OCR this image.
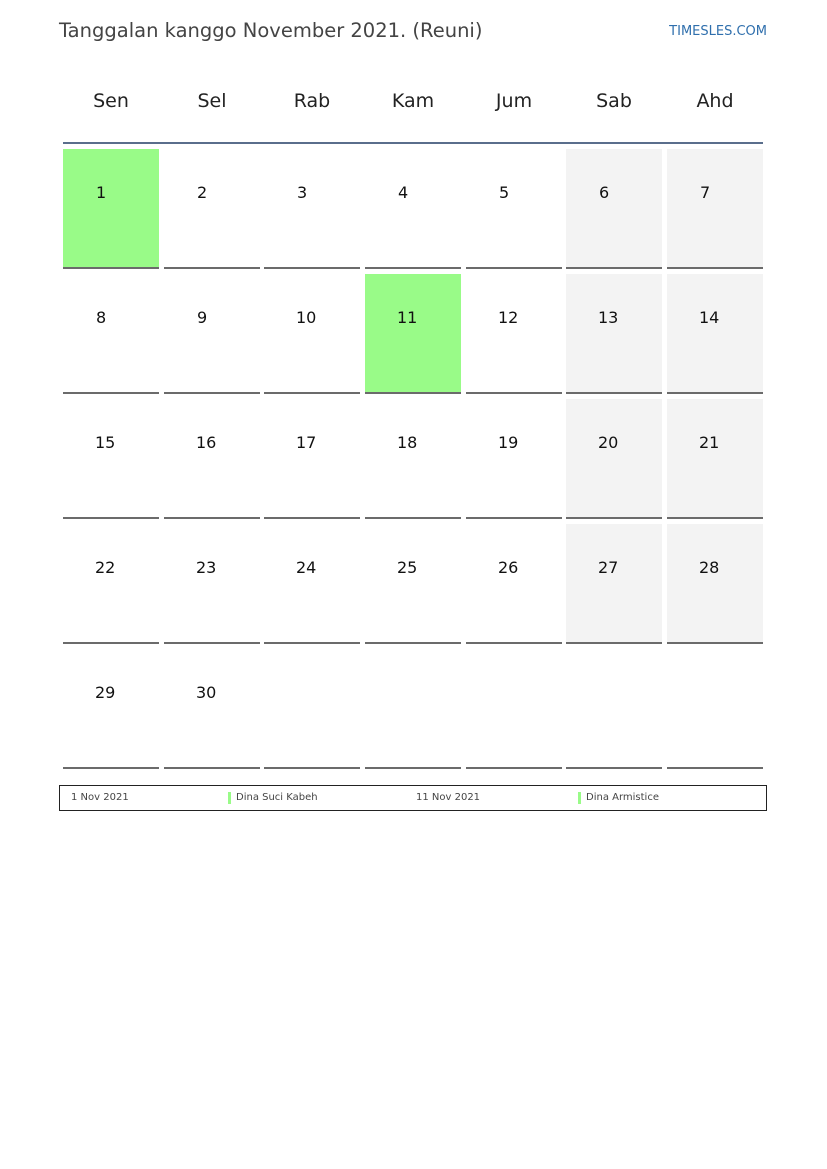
Tanggalan kanggo November 2021. (Reuni)	TIMESLES.COM
Sen	Sel	Rab	Kam	Jum	Sab	Ahd
1	2	3	4	5	6	7
8	9	10	11	12	13	14
15	16	17	18	19	20	21
22	23	24	25	26	27	28
29	30
1 Nov 2021	Dina Suci Kabeh	11 Nov 2021	Dina Armistice
